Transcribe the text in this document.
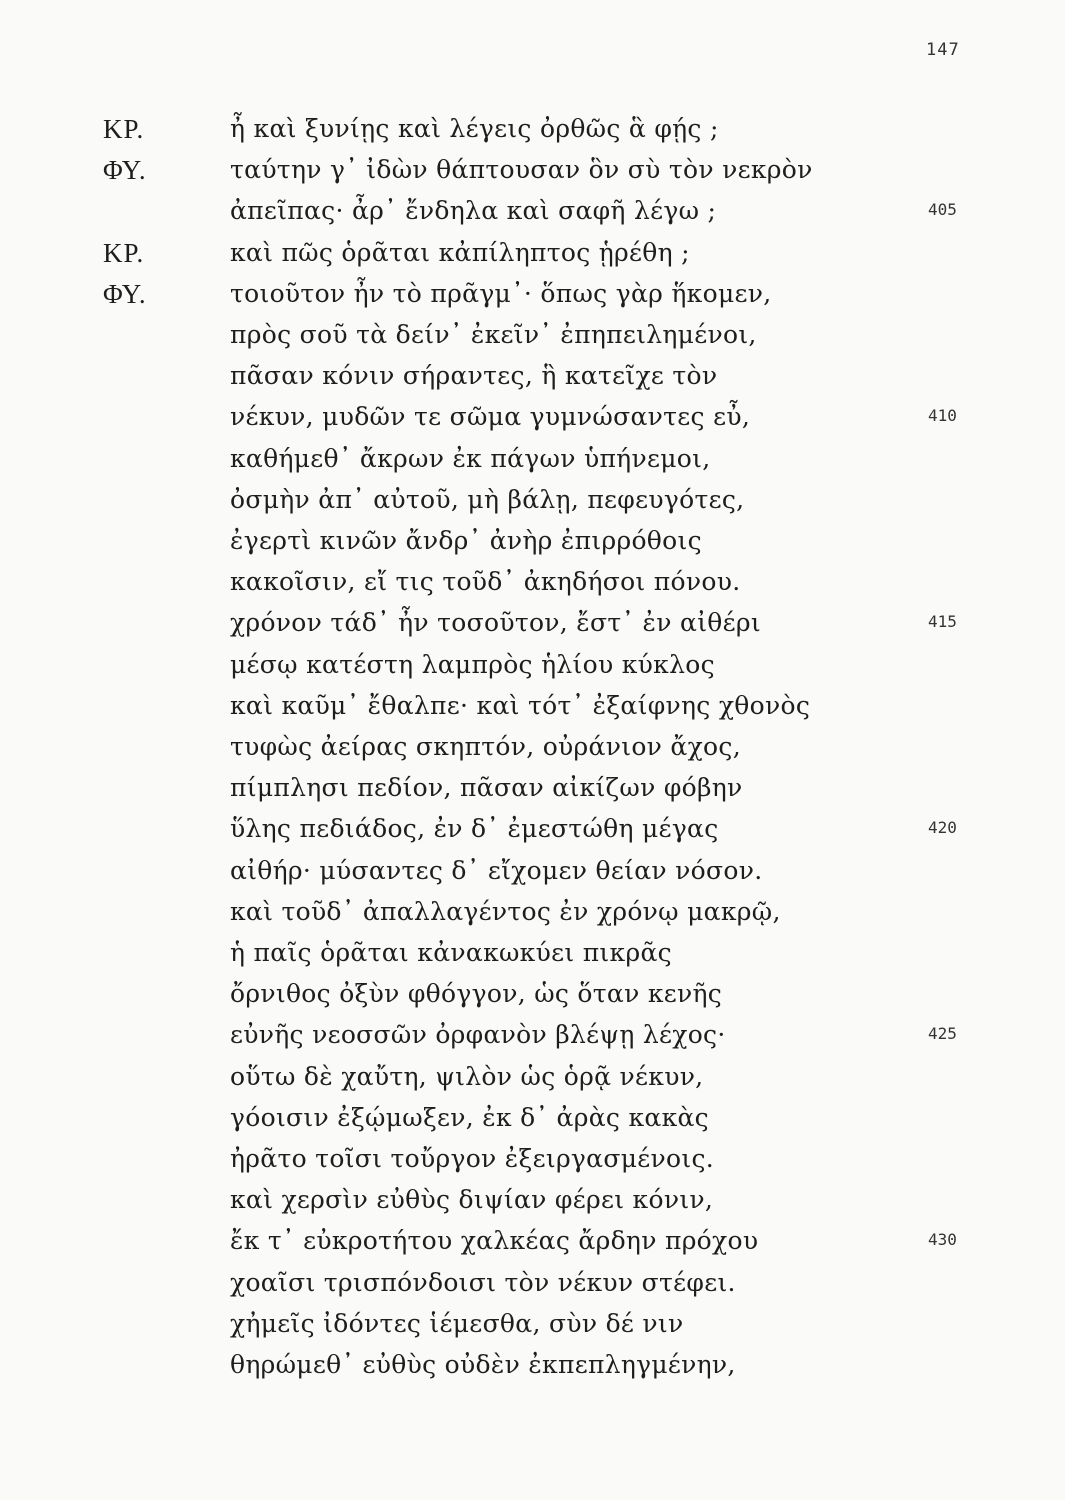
147
ΚΡ.	ἦ καὶ ξυνίῃς καὶ λέγεις ὀρθῶς ἃ φῄς ;
ΦΥ.	ταύτην γ᾽ ἰδὼν θάπτουσαν ὃν σὺ τὸν νεκρὸν
ἀπεῖπας· ἆρ᾽ ἔνδηλα καὶ σαφῆ λέγω ;	405
ΚΡ.	καὶ πῶς ὁρᾶται κἀπίληπτος ᾑρέθη ;
ΦΥ.	τοιοῦτον ἦν τὸ πρᾶγμ᾽· ὅπως γὰρ ἥκομεν,
πρὸς σοῦ τὰ δείν᾽ ἐκεῖν᾽ ἐπηπειλημένοι,
πᾶσαν κόνιν σήραντες, ἣ κατεῖχε τὸν
νέκυν, μυδῶν τε σῶμα γυμνώσαντες εὖ,	410
καθήμεθ᾽ ἄκρων ἐκ πάγων ὑπήνεμοι,
ὀσμὴν ἀπ᾽ αὐτοῦ, μὴ βάλῃ, πεφευγότες,
ἐγερτὶ κινῶν ἄνδρ᾽ ἀνὴρ ἐπιρρόθοις
κακοῖσιν, εἴ τις τοῦδ᾽ ἀκηδήσοι πόνου.
χρόνον τάδ᾽ ἦν τοσοῦτον, ἔστ᾽ ἐν αἰθέρι	415
μέσῳ κατέστη λαμπρὸς ἡλίου κύκλος
καὶ καῦμ᾽ ἔθαλπε· καὶ τότ᾽ ἐξαίφνης χθονὸς
τυφὼς ἀείρας σκηπτόν, οὐράνιον ἄχος,
πίμπλησι πεδίον, πᾶσαν αἰκίζων φόβην
ὕλης πεδιάδος, ἐν δ᾽ ἐμεστώθη μέγας	420
αἰθήρ· μύσαντες δ᾽ εἴχομεν θείαν νόσον.
καὶ τοῦδ᾽ ἀπαλλαγέντος ἐν χρόνῳ μακρῷ,
ἡ παῖς ὁρᾶται κἀνακωκύει πικρᾶς
ὄρνιθος ὀξὺν φθόγγον, ὡς ὅταν κενῆς
εὐνῆς νεοσσῶν ὀρφανὸν βλέψῃ λέχος·	425
οὕτω δὲ χαὔτη, ψιλὸν ὡς ὁρᾷ νέκυν,
γόοισιν ἐξῴμωξεν, ἐκ δ᾽ ἀρὰς κακὰς
ἠρᾶτο τοῖσι τοὔργον ἐξειργασμένοις.
καὶ χερσὶν εὐθὺς διψίαν φέρει κόνιν,
ἔκ τ᾽ εὐκροτήτου χαλκέας ἄρδην πρόχου	430
χοαῖσι τρισπόνδοισι τὸν νέκυν στέφει.
χἠμεῖς ἰδόντες ἱέμεσθα, σὺν δέ νιν
θηρώμεθ᾽ εὐθὺς οὐδὲν ἐκπεπληγμένην,
